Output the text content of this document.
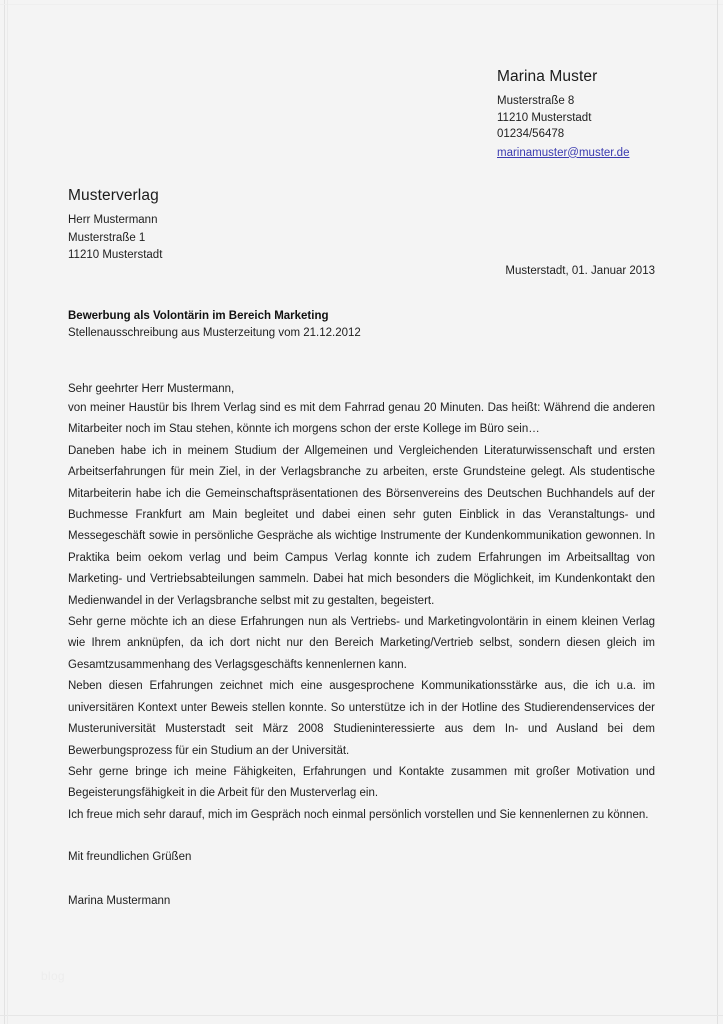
Marina Muster
Musterstraße 8
11210 Musterstadt
01234/56478
marinamuster@muster.de
Musterverlag
Herr Mustermann
Musterstraße 1
11210 Musterstadt
Musterstadt, 01. Januar 2013
Bewerbung als Volontärin im Bereich Marketing
Stellenausschreibung aus Musterzeitung vom 21.12.2012
Sehr geehrter Herr Mustermann,

von meiner Haustür bis Ihrem Verlag sind es mit dem Fahrrad genau 20 Minuten. Das heißt: Während die anderen Mitarbeiter noch im Stau stehen, könnte ich morgens schon der erste Kollege im Büro sein…

Daneben habe ich in meinem Studium der Allgemeinen und Vergleichenden Literaturwissenschaft und ersten Arbeitserfahrungen für mein Ziel, in der Verlagsbranche zu arbeiten, erste Grundsteine gelegt. Als studentische Mitarbeiterin habe ich die Gemeinschaftspräsentationen des Börsenvereins des Deutschen Buchhandels auf der Buchmesse Frankfurt am Main begleitet und dabei einen sehr guten Einblick in das Veranstaltungs- und Messegeschäft sowie in persönliche Gespräche als wichtige Instrumente der Kundenkommunikation gewonnen. In Praktika beim oekom verlag und beim Campus Verlag konnte ich zudem Erfahrungen im Arbeitsalltag von Marketing- und Vertriebsabteilungen sammeln. Dabei hat mich besonders die Möglichkeit, im Kundenkontakt den Medienwandel in der Verlagsbranche selbst mit zu gestalten, begeistert.

Sehr gerne möchte ich an diese Erfahrungen nun als Vertriebs- und Marketingvolontärin in einem kleinen Verlag wie Ihrem anknüpfen, da ich dort nicht nur den Bereich Marketing/Vertrieb selbst, sondern diesen gleich im Gesamtzusammenhang des Verlagsgeschäfts kennenlernen kann.

Neben diesen Erfahrungen zeichnet mich eine ausgesprochene Kommunikationsstärke aus, die ich u.a. im universitären Kontext unter Beweis stellen konnte. So unterstütze ich in der Hotline des Studierendenservices der Musteruniversität Musterstadt seit März 2008 Studieninteressierte aus dem In- und Ausland bei dem Bewerbungsprozess für ein Studium an der Universität.

Sehr gerne bringe ich meine Fähigkeiten, Erfahrungen und Kontakte zusammen mit großer Motivation und Begeisterungsfähigkeit in die Arbeit für den Musterverlag ein.

Ich freue mich sehr darauf, mich im Gespräch noch einmal persönlich vorstellen und Sie kennenlernen zu können.

Mit freundlichen Grüßen
Marina Mustermann
blog
